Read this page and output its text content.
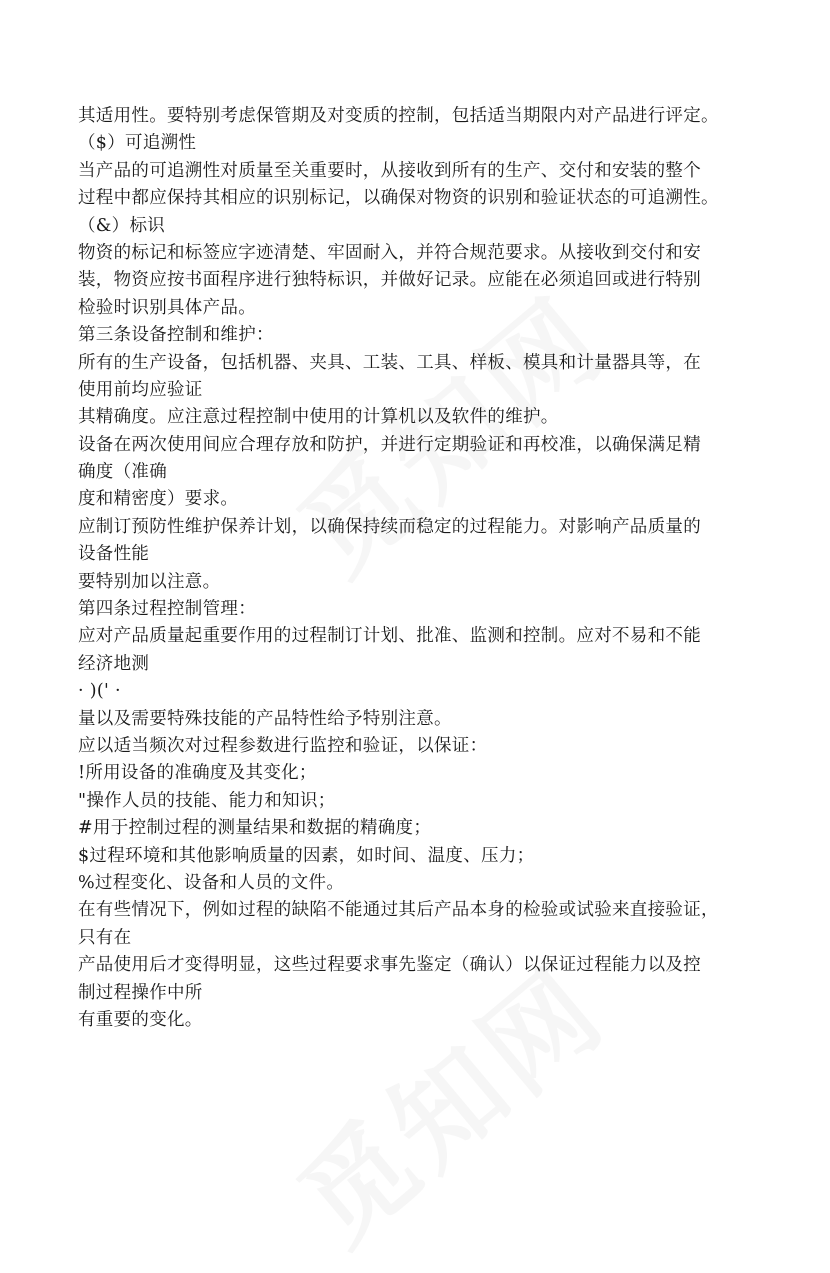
其适用性。要特别考虑保管期及对变质的控制，包括适当期限内对产品进行评定。
（$）可追溯性
当产品的可追溯性对质量至关重要时，从接收到所有的生产、交付和安装的整个
过程中都应保持其相应的识别标记，以确保对物资的识别和验证状态的可追溯性。
（&）标识
物资的标记和标签应字迹清楚、牢固耐入，并符合规范要求。从接收到交付和安
装，物资应按书面程序进行独特标识，并做好记录。应能在必须追回或进行特别
检验时识别具体产品。
第三条设备控制和维护：
所有的生产设备，包括机器、夹具、工装、工具、样板、模具和计量器具等，在
使用前均应验证
其精确度。应注意过程控制中使用的计算机以及软件的维护。
设备在两次使用间应合理存放和防护，并进行定期验证和再校准，以确保满足精
确度（准确
度和精密度）要求。
应制订预防性维护保养计划，以确保持续而稳定的过程能力。对影响产品质量的
设备性能
要特别加以注意。
第四条过程控制管理：
应对产品质量起重要作用的过程制订计划、批准、监测和控制。应对不易和不能
经济地测
· )(' ·
量以及需要特殊技能的产品特性给予特别注意。
应以适当频次对过程参数进行监控和验证，以保证：
!所用设备的准确度及其变化；
"操作人员的技能、能力和知识；
#用于控制过程的测量结果和数据的精确度；
$过程环境和其他影响质量的因素，如时间、温度、压力；
%过程变化、设备和人员的文件。
在有些情况下，例如过程的缺陷不能通过其后产品本身的检验或试验来直接验证，
只有在
产品使用后才变得明显，这些过程要求事先鉴定（确认）以保证过程能力以及控
制过程操作中所
有重要的变化。
